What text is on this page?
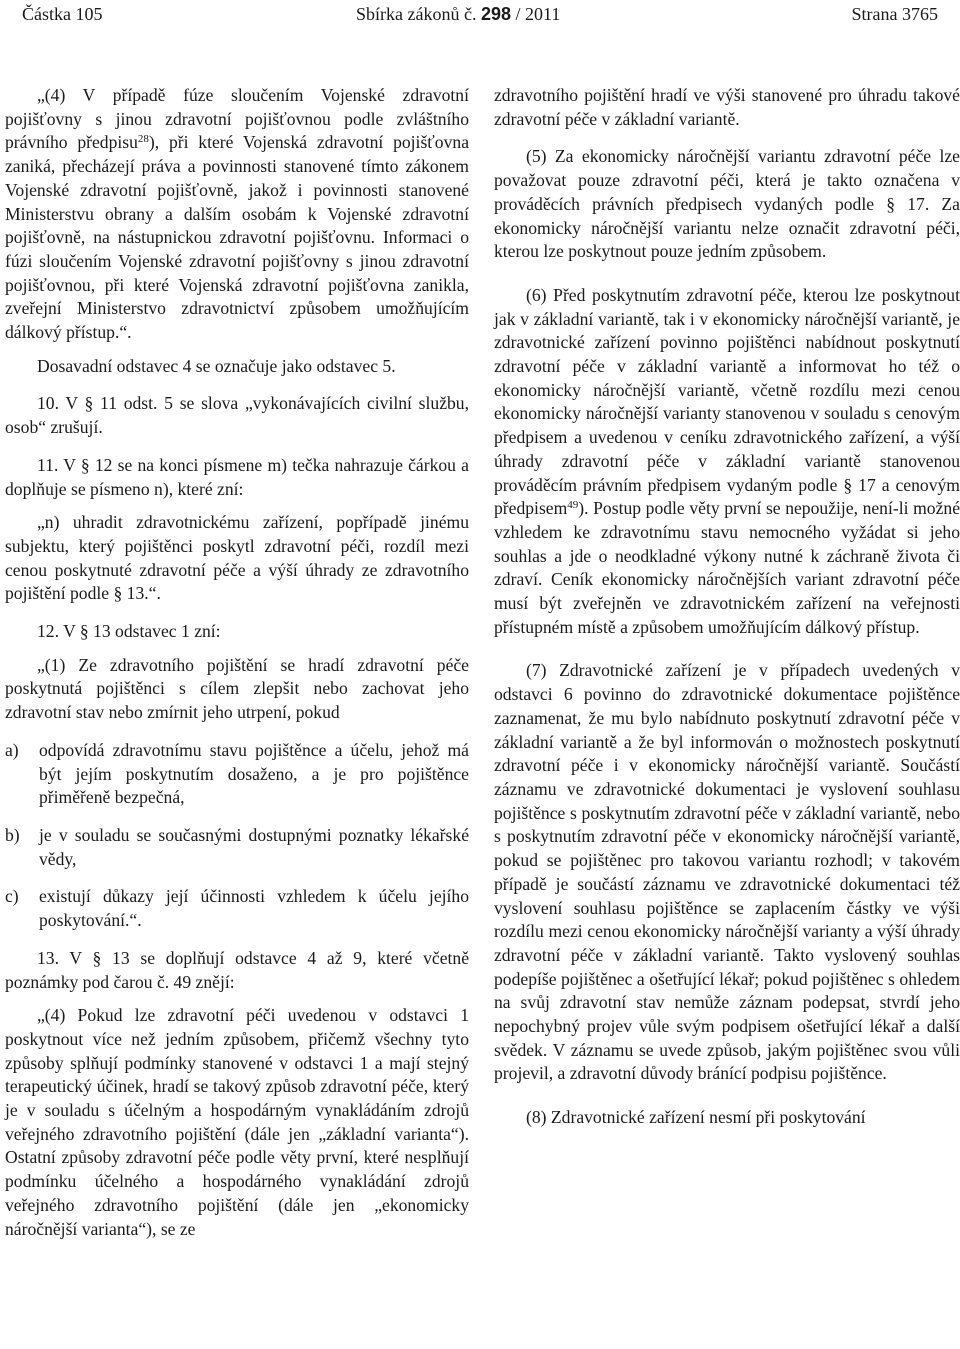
Částka 105	Sbírka zákonů č. 298 / 2011	Strana 3765

„(4) V případě fúze sloučením Vojenské zdravotní pojišťovny s jinou zdravotní pojišťovnou podle zvláštního právního předpisu$^{28}$), při které Vojenská zdravotní pojišťovna zaniká, přecházejí práva a povinnosti stanovené tímto zákonem Vojenské zdravotní pojišťovně, jakož i povinnosti stanovené Ministerstvu obrany a dalším osobám k Vojenské zdravotní pojišťovně, na nástupnickou zdravotní pojišťovnu. Informaci o fúzi sloučením Vojenské zdravotní pojišťovny s jinou zdravotní pojišťovnou, při které Vojenská zdravotní pojišťovna zanikla, zveřejní Ministerstvo zdravotnictví způsobem umožňujícím dálkový přístup.“.

Dosavadní odstavec 4 se označuje jako odstavec 5.

10. V § 11 odst. 5 se slova „vykonávajících civilní službu, osob“ zrušují.

11. V § 12 se na konci písmene m) tečka nahrazuje čárkou a doplňuje se písmeno n), které zní:

„n) uhradit zdravotnickému zařízení, popřípadě jinému subjektu, který pojištěnci poskytl zdravotní péči, rozdíl mezi cenou poskytnuté zdravotní péče a výší úhrady ze zdravotního pojištění podle § 13.“.

12. V § 13 odstavec 1 zní:

„(1) Ze zdravotního pojištění se hradí zdravotní péče poskytnutá pojištěnci s cílem zlepšit nebo zachovat jeho zdravotní stav nebo zmírnit jeho utrpení, pokud

a)	odpovídá zdravotnímu stavu pojištěnce a účelu, jehož má být jejím poskytnutím dosaženo, a je pro pojištěnce přiměřeně bezpečná,
b)	je v souladu se současnými dostupnými poznatky lékařské vědy,
c)	existují důkazy její účinnosti vzhledem k účelu jejího poskytování.“.

13. V § 13 se doplňují odstavce 4 až 9, které včetně poznámky pod čarou č. 49 znějí:

„(4) Pokud lze zdravotní péči uvedenou v odstavci 1 poskytnout více než jedním způsobem, přičemž všechny tyto způsoby splňují podmínky stanovené v odstavci 1 a mají stejný terapeutický účinek, hradí se takový způsob zdravotní péče, který je v souladu s účelným a hospodárným vynakládáním zdrojů veřejného zdravotního pojištění (dále jen „základní varianta“). Ostatní způsoby zdravotní péče podle věty první, které nesplňují podmínku účelného a hospodárného vynakládání zdrojů veřejného zdravotního pojištění (dále jen „ekonomicky náročnější varianta“), se ze

zdravotního pojištění hradí ve výši stanovené pro úhradu takové zdravotní péče v základní variantě.

(5) Za ekonomicky náročnější variantu zdravotní péče lze považovat pouze zdravotní péči, která je takto označena v prováděcích právních předpisech vydaných podle § 17. Za ekonomicky náročnější variantu nelze označit zdravotní péči, kterou lze poskytnout pouze jedním způsobem.

(6) Před poskytnutím zdravotní péče, kterou lze poskytnout jak v základní variantě, tak i v ekonomicky náročnější variantě, je zdravotnické zařízení povinno pojištěnci nabídnout poskytnutí zdravotní péče v základní variantě a informovat ho též o ekonomicky náročnější variantě, včetně rozdílu mezi cenou ekonomicky náročnější varianty stanovenou v souladu s cenovým předpisem a uvedenou v ceníku zdravotnického zařízení, a výší úhrady zdravotní péče v základní variantě stanovenou prováděcím právním předpisem vydaným podle § 17 a cenovým předpisem$^{49}$). Postup podle věty první se nepoužije, není-li možné vzhledem ke zdravotnímu stavu nemocného vyžádat si jeho souhlas a jde o neodkladné výkony nutné k záchraně života či zdraví. Ceník ekonomicky náročnějších variant zdravotní péče musí být zveřejněn ve zdravotnickém zařízení na veřejnosti přístupném místě a způsobem umožňujícím dálkový přístup.

(7) Zdravotnické zařízení je v případech uvedených v odstavci 6 povinno do zdravotnické dokumentace pojištěnce zaznamenat, že mu bylo nabídnuto poskytnutí zdravotní péče v základní variantě a že byl informován o možnostech poskytnutí zdravotní péče i v ekonomicky náročnější variantě. Součástí záznamu ve zdravotnické dokumentaci je vyslovení souhlasu pojištěnce s poskytnutím zdravotní péče v základní variantě, nebo s poskytnutím zdravotní péče v ekonomicky náročnější variantě, pokud se pojištěnec pro takovou variantu rozhodl; v takovém případě je součástí záznamu ve zdravotnické dokumentaci též vyslovení souhlasu pojištěnce se zaplacením částky ve výši rozdílu mezi cenou ekonomicky náročnější varianty a výší úhrady zdravotní péče v základní variantě. Takto vyslovený souhlas podepíše pojištěnec a ošetřující lékař; pokud pojištěnec s ohledem na svůj zdravotní stav nemůže záznam podepsat, stvrdí jeho nepochybný projev vůle svým podpisem ošetřující lékař a další svědek. V záznamu se uvede způsob, jakým pojištěnec svou vůli projevil, a zdravotní důvody bránící podpisu pojištěnce.

(8) Zdravotnické zařízení nesmí při poskytování
